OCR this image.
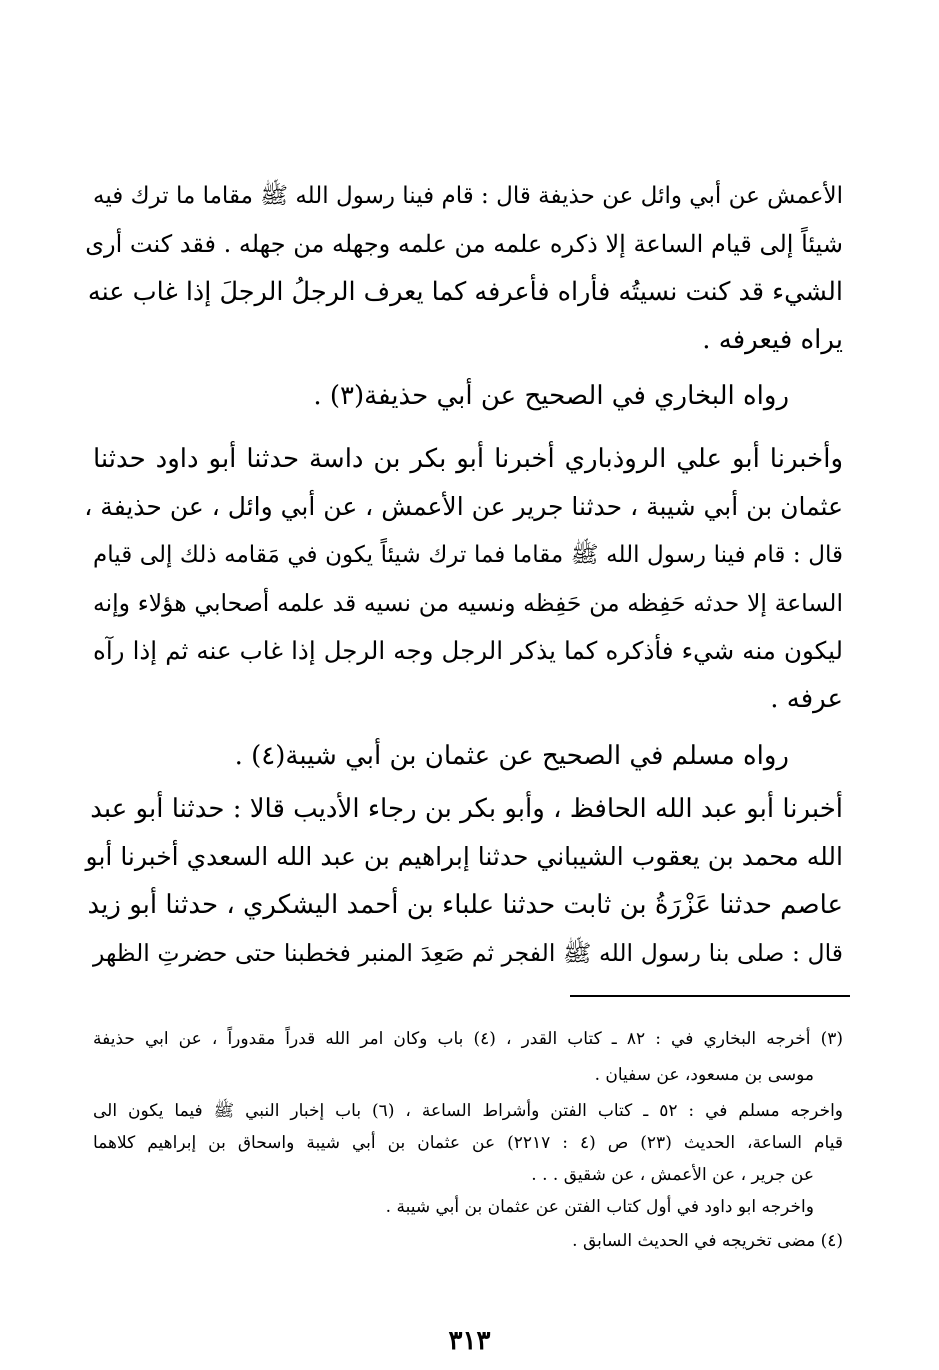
الأعمش عن أبي وائل عن حذيفة قال : قام فينا رسول الله ﷺ مقاما ما ترك فيه
شيئاً إلى قيام الساعة إلا ذكره علمه من علمه وجهله من جهله . فقد كنت أرى
الشيء قد كنت نسيتُه فأراه فأعرفه كما يعرف الرجلُ الرجلَ إذا غاب عنه
يراه فيعرفه .
رواه البخاري في الصحيح عن أبي حذيفة(٣) .
وأخبرنا أبو علي الروذباري أخبرنا أبو بكر بن داسة حدثنا أبو داود حدثنا
عثمان بن أبي شيبة ، حدثنا جرير عن الأعمش ، عن أبي وائل ، عن حذيفة ،
قال : قام فينا رسول الله ﷺ مقاما فما ترك شيئاً يكون في مَقامه ذلك إلى قيام
الساعة إلا حدثه حَفِظه من حَفِظه ونسيه من نسيه قد علمه أصحابي هؤلاء وإنه
ليكون منه شيء فأذكره كما يذكر الرجل وجه الرجل إذا غاب عنه ثم إذا رآه
عرفه .
رواه مسلم في الصحيح عن عثمان بن أبي شيبة(٤) .
أخبرنا أبو عبد الله الحافظ ، وأبو بكر بن رجاء الأديب قالا : حدثنا أبو عبد
الله محمد بن يعقوب الشيباني حدثنا إبراهيم بن عبد الله السعدي أخبرنا أبو
عاصم حدثنا عَزْرَةُ بن ثابت حدثنا علباء بن أحمد اليشكري ، حدثنا أبو زيد
قال : صلى بنا رسول الله ﷺ الفجر ثم صَعِدَ المنبر فخطبنا حتى حضرتِ الظهر
(٣) أخرجه البخاري في : ٨٢ ـ كتاب القدر ، (٤) باب وكان امر الله قدراً مقدوراً ، عن ابي حذيفة
موسى بن مسعود، عن سفيان .
واخرجه مسلم في : ٥٢ ـ كتاب الفتن وأشراط الساعة ، (٦) باب إخبار النبي ﷺ فيما يكون الى
قيام الساعة، الحديث (٢٣) ص (٤ : ٢٢١٧) عن عثمان بن أبي شيبة واسحاق بن إبراهيم كلاهما
عن جرير ، عن الأعمش ، عن شقيق . . .
واخرجه ابو داود في أول كتاب الفتن عن عثمان بن أبي شيبة .
(٤) مضى تخريجه في الحديث السابق .
٣١٣
